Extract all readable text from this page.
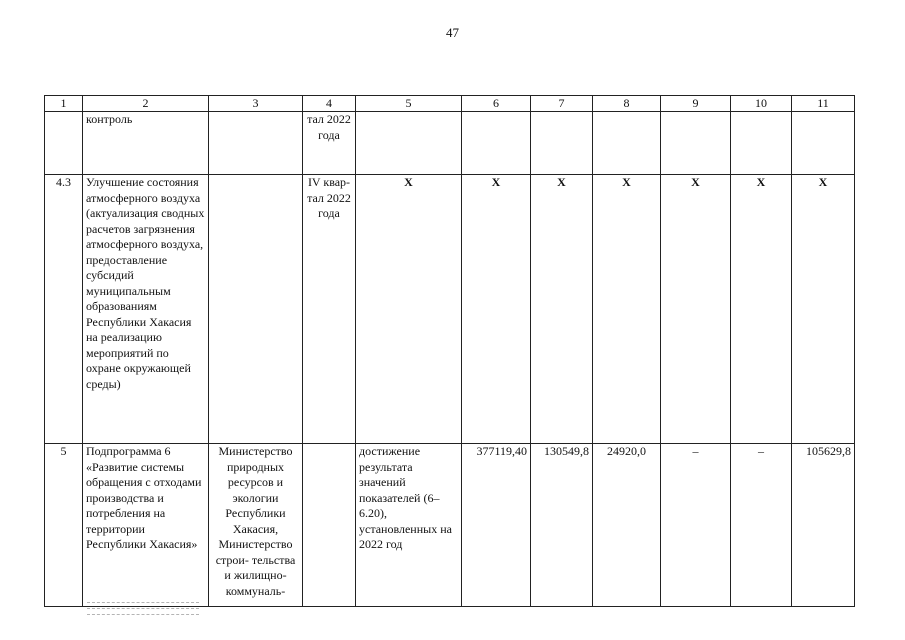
47
1	2	3	4	5	6	7	8	9	10	11
	контроль		тал 2022 года							
4.3	Улучшение состояния атмосферного воздуха (актуализация сводных расчетов загрязнения атмосферного воздуха, предоставление субсидий муниципальным образованиям Республики Хакасия на реализацию мероприятий по охране окружающей среды)		IV квар- тал 2022 года	Х	Х	Х	Х	Х	Х	Х
5	Подпрограмма 6 «Развитие системы обращения с отходами производства и потребления на территории Республики Хакасия»	Министерство природных ресурсов и экологии Республики Хакасия, Министерство строи- тельства и жилищно- коммуналь-		достижение результата значений показателей (6–6.20), установленных на 2022 год	377119,40	130549,8	24920,0	–	–	105629,8
